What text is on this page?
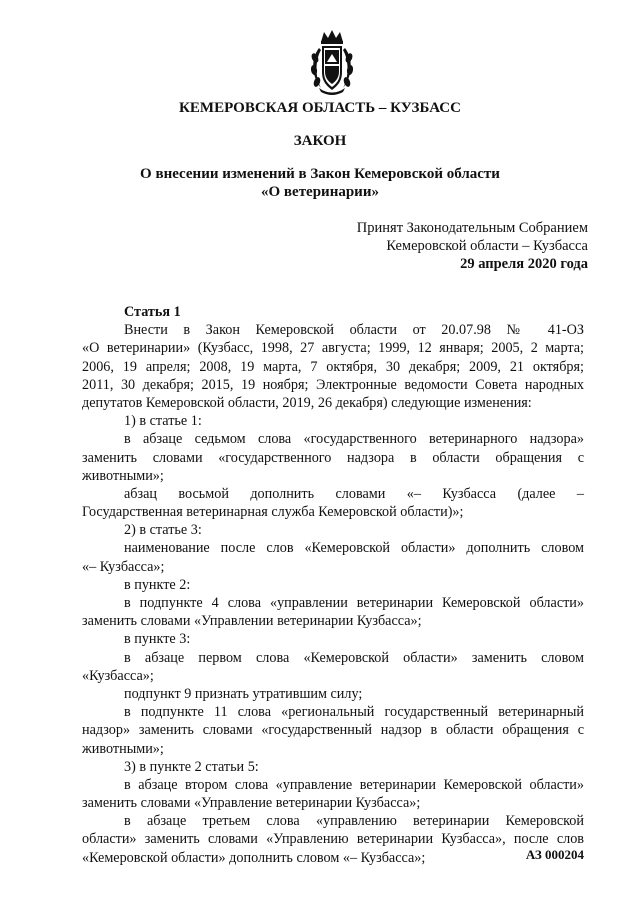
КЕМЕРОВСКАЯ ОБЛАСТЬ – КУЗБАСС
ЗАКОН
О внесении изменений в Закон Кемеровской области
«О ветеринарии»
Принят Законодательным Собранием
Кемеровской области – Кузбасса
29 апреля 2020 года
Статья 1
Внести в Закон Кемеровской области от 20.07.98 № 41-ОЗ
«О ветеринарии» (Кузбасс, 1998, 27 августа; 1999, 12 января; 2005, 2 марта;
2006, 19 апреля; 2008, 19 марта, 7 октября, 30 декабря; 2009, 21 октября;
2011, 30 декабря; 2015, 19 ноября; Электронные ведомости Совета народных
депутатов Кемеровской области, 2019, 26 декабря) следующие изменения:
1) в статье 1:
в абзаце седьмом слова «государственного ветеринарного надзора»
заменить словами «государственного надзора в области обращения с
животными»;
абзац восьмой дополнить словами «– Кузбасса (далее –
Государственная ветеринарная служба Кемеровской области)»;
2) в статье 3:
наименование после слов «Кемеровской области» дополнить словом
«– Кузбасса»;
в пункте 2:
в подпункте 4 слова «управлении ветеринарии Кемеровской области»
заменить словами «Управлении ветеринарии Кузбасса»;
в пункте 3:
в абзаце первом слова «Кемеровской области» заменить словом
«Кузбасса»;
подпункт 9 признать утратившим силу;
в подпункте 11 слова «региональный государственный ветеринарный
надзор» заменить словами «государственный надзор в области обращения с
животными»;
3) в пункте 2 статьи 5:
в абзаце втором слова «управление ветеринарии Кемеровской области»
заменить словами «Управление ветеринарии Кузбасса»;
в абзаце третьем слова «управлению ветеринарии Кемеровской
области» заменить словами «Управлению ветеринарии Кузбасса», после слов
«Кемеровской области» дополнить словом «– Кузбасса»;	АЗ 000204
